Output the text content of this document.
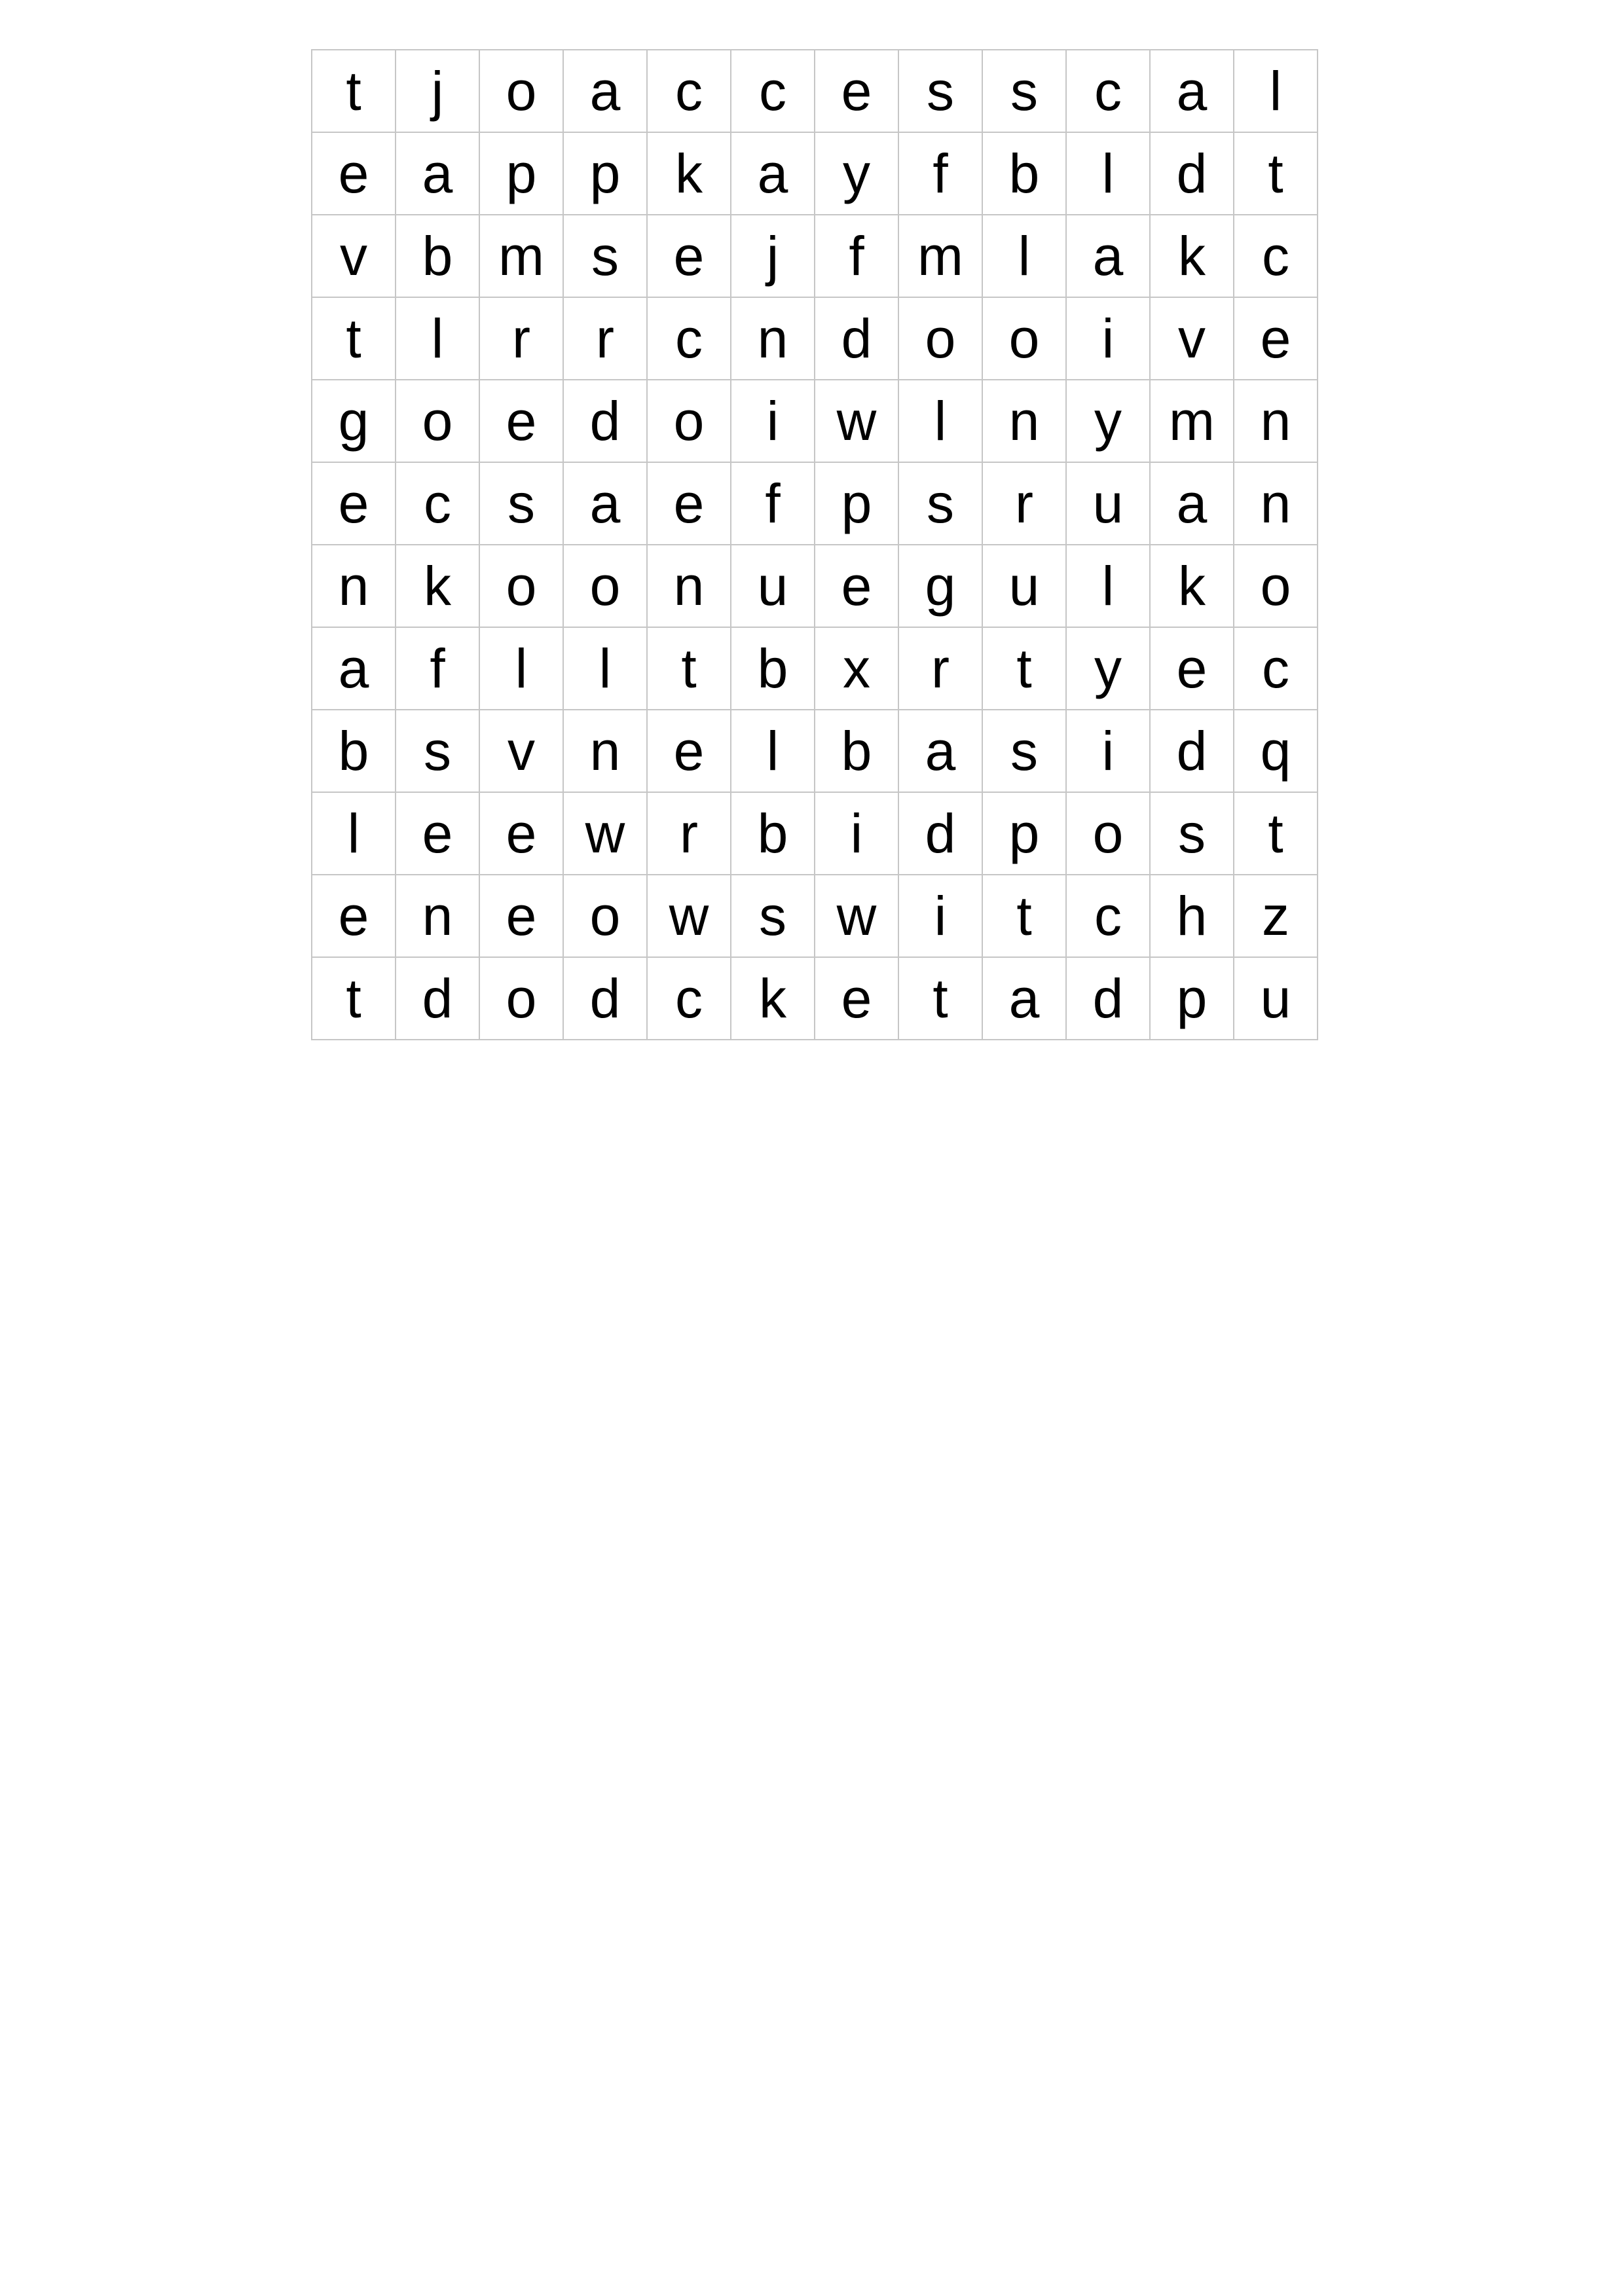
t	j	o	a	c	c	e	s	s	c	a	l
e	a	p	p	k	a	y	f	b	l	d	t
v	b	m	s	e	j	f	m	l	a	k	c
t	l	r	r	c	n	d	o	o	i	v	e
g	o	e	d	o	i	w	l	n	y	m	n
e	c	s	a	e	f	p	s	r	u	a	n
n	k	o	o	n	u	e	g	u	l	k	o
a	f	l	l	t	b	x	r	t	y	e	c
b	s	v	n	e	l	b	a	s	i	d	q
l	e	e	w	r	b	i	d	p	o	s	t
e	n	e	o	w	s	w	i	t	c	h	z
t	d	o	d	c	k	e	t	a	d	p	u
